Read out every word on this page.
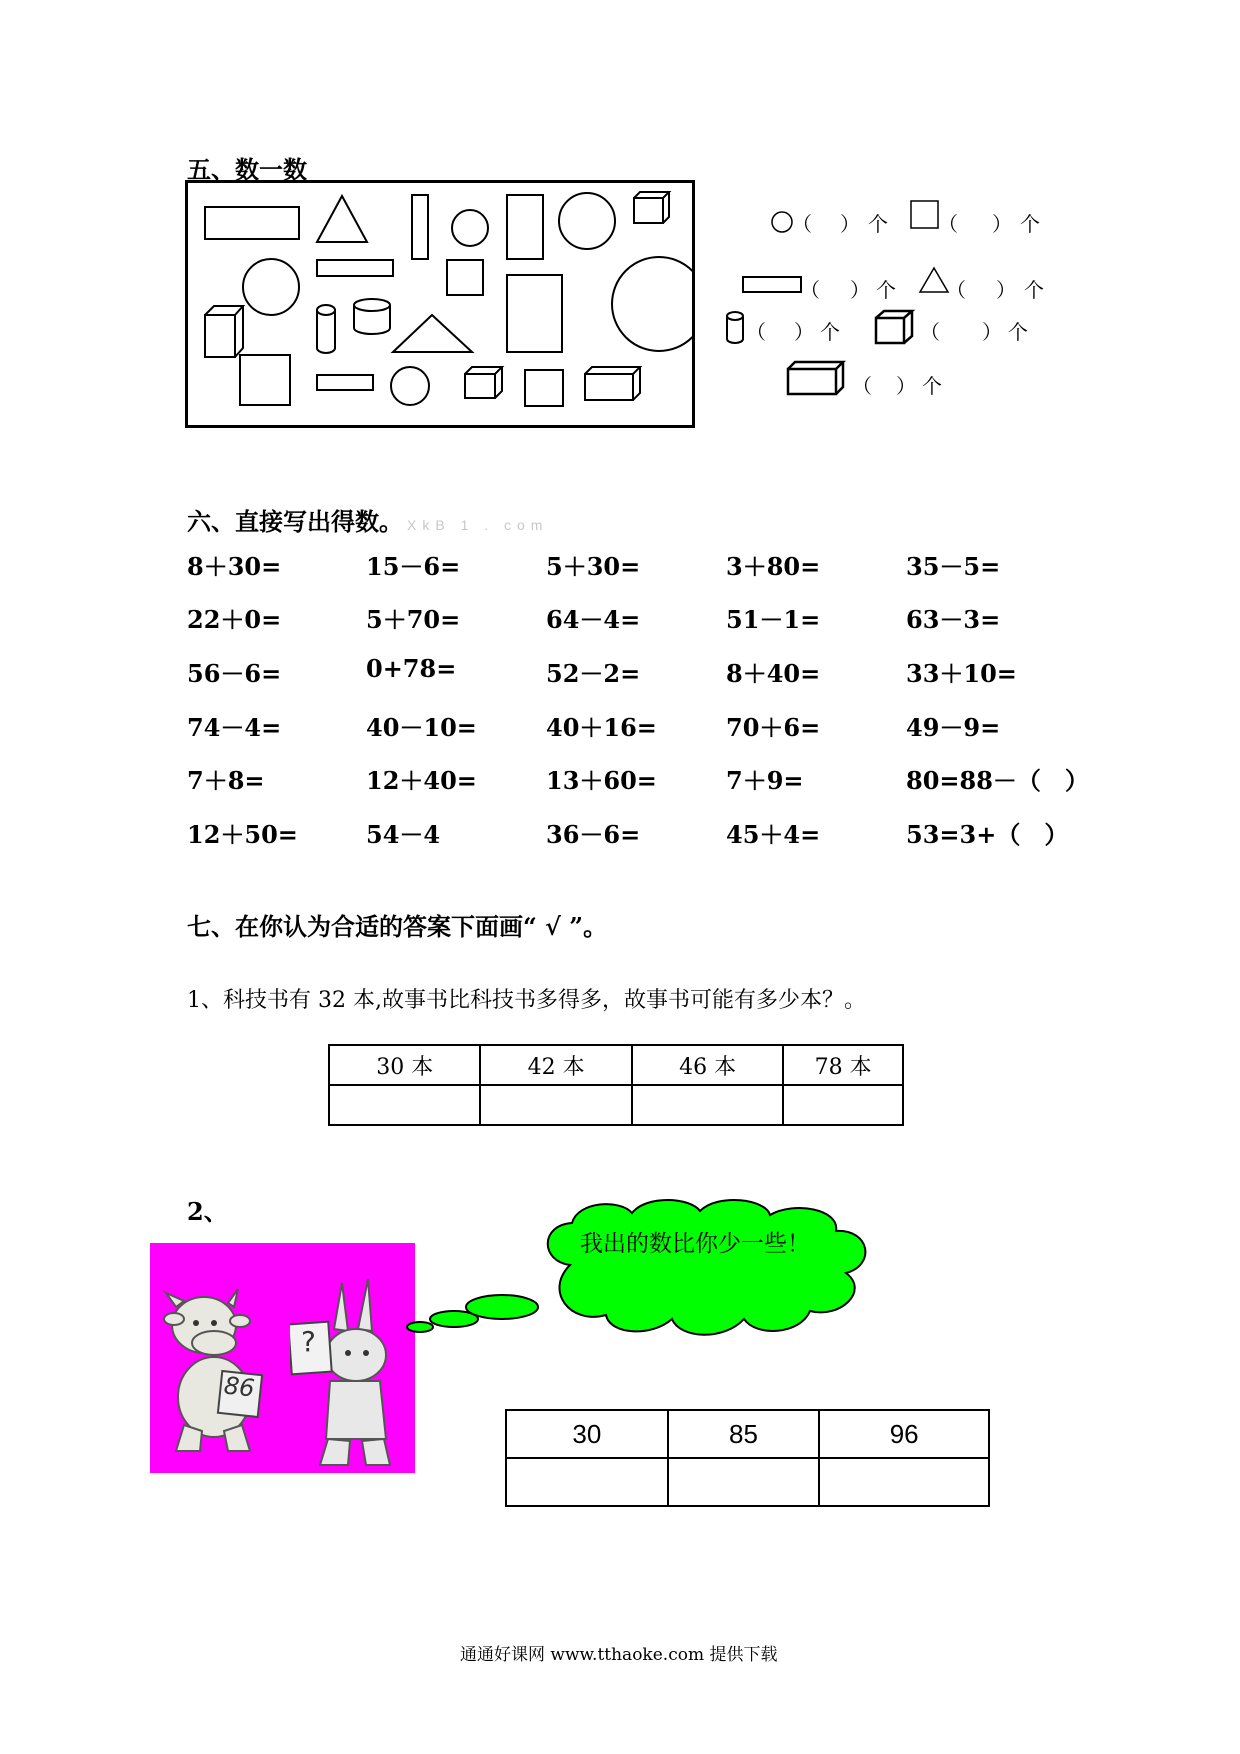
五、数一数
（ ） 个	（ ） 个
（ ） 个	（ ） 个
（ ） 个	（ ） 个
（ ） 个
六、直接写出得数。 XkB 1 . com
8＋30=	15－6=	5＋30=	3＋80=	35－5=
22＋0=	5＋70=	64－4=	51－1=	63－3=
56－6=	0+78=	52－2=	8＋40=	33＋10=
74－4=	40－10=	40＋16=	70＋6=	49－9=
7＋8=	12＋40=	13＋60=	7＋9=	80=88－（　）
12＋50=	54－4	36－6=	45＋4=	53=3+（　）
七、在你认为合适的答案下面画“ √ ”。
1、科技书有 32 本,故事书比科技书多得多，故事书可能有多少本？。
30 本	42 本	46 本	78 本

2、
86
?
我出的数比你少一些！
30	85	96

通通好课网 www.tthaoke.com 提供下载
